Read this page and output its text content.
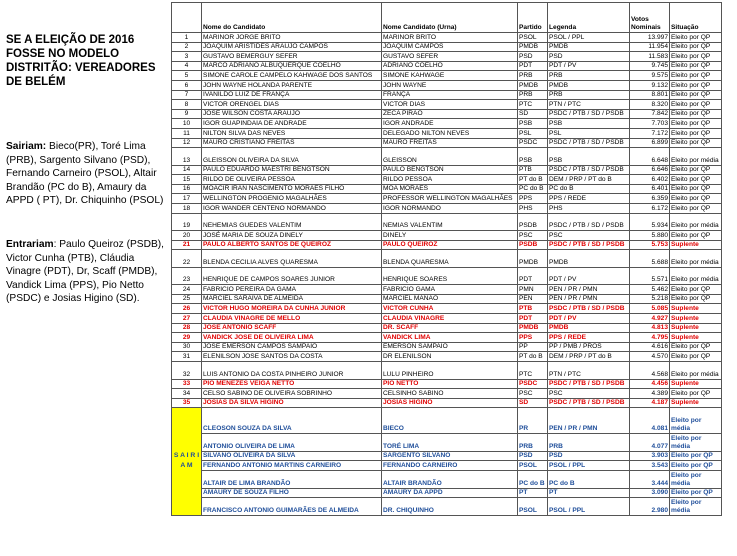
SE A ELEIÇÃO DE 2016 FOSSE NO MODELO DISTRITÃO: VEREADORES DE BELÉM
Sairiam: Bieco(PR), Toré Lima (PRB), Sargento Silvano (PSD), Fernando Carneiro (PSOL), Altair Brandão (PC do B), Amaury da APPD ( PT), Dr. Chiquinho (PSOL)
Entrariam: Paulo Queiroz (PSDB), Victor Cunha (PTB), Cláudia Vinagre (PDT), Dr, Scaff (PMDB), Vandick Lima (PPS), Pio Netto (PSDC) e Josias Higino (SD).
	Nome do Candidato	Nome Candidato (Urna)	Partido	Legenda	Votos Nominais	Situação
1	MARINOR JORGE BRITO	MARINOR BRITO	PSOL	PSOL / PPL	13.997	Eleito por QP
2	JOAQUIM ARISTIDES ARAUJO CAMPOS	JOAQUIM CAMPOS	PMDB	PMDB	11.954	Eleito por QP
3	GUSTAVO BEMERGUY SEFER	GUSTAVO SEFER	PSD	PSD	11.583	Eleito por QP
4	MARCO ADRIANO ALBUQUERQUE COELHO	ADRIANO COELHO	PDT	PDT / PV	9.745	Eleito por QP
5	SIMONE CAROLE CAMPELO KAHWAGE DOS SANTOS	SIMONE KAHWAGE	PRB	PRB	9.575	Eleito por QP
6	JOHN WAYNE HOLANDA PARENTE	JOHN WAYNE	PMDB	PMDB	9.132	Eleito por QP
7	IVANILDO LUIZ DE FRANÇA	FRANÇA	PRB	PRB	8.801	Eleito por QP
8	VICTOR ORENGEL DIAS	VICTOR DIAS	PTC	PTN / PTC	8.320	Eleito por QP
9	JOSE WILSON COSTA ARAUJO	ZECA PIRÃO	SD	PSDC / PTB / SD / PSDB	7.842	Eleito por QP
10	IGOR GUAPINDAIA DE ANDRADE	IGOR ANDRADE	PSB	PSB	7.703	Eleito por QP
11	NILTON SILVA DAS NEVES	DELEGADO NILTON NEVES	PSL	PSL	7.172	Eleito por QP
12	MAURO CRISTIANO FREITAS	MAURO FREITAS	PSDC	PSDC / PTB / SD / PSDB	6.899	Eleito por QP
13	GLEISSON OLIVEIRA DA SILVA	GLEISSON	PSB	PSB	6.648	Eleito por média
14	PAULO EDUARDO MAESTRI BENGTSON	PAULO BENGTSON	PTB	PSDC / PTB / SD / PSDB	6.646	Eleito por QP
15	RILDO DE OLIVEIRA PESSOA	RILDO PESSOA	PT do B	DEM / PRP / PT do B	6.402	Eleito por QP
16	MOACIR IRAN NASCIMENTO MORAES FILHO	MOA MORAES	PC do B	PC do B	6.401	Eleito por QP
17	WELLINGTON PROGENIO MAGALHÃES	PROFESSOR WELLINGTON MAGALHÃES	PPS	PPS / REDE	6.359	Eleito por QP
18	IGOR WANDER CENTENO NORMANDO	IGOR NORMANDO	PHS	PHS	6.172	Eleito por QP
19	NEHEMIAS GUEDES VALENTIM	NEMIAS VALENTIM	PSDB	PSDC / PTB / SD / PSDB	5.934	Eleito por média
20	JOSÉ MARIA DE SOUZA DINELY	DINELY	PSC	PSC	5.880	Eleito por QP
21	PAULO ALBERTO SANTOS DE QUEIROZ	PAULO QUEIROZ	PSDB	PSDC / PTB / SD / PSDB	5.753	Suplente
22	BLENDA CECILIA ALVES QUARESMA	BLENDA QUARESMA	PMDB	PMDB	5.688	Eleito por média
23	HENRIQUE DE CAMPOS SOARES JUNIOR	HENRIQUE SOARES	PDT	PDT / PV	5.571	Eleito por média
24	FABRICIO PEREIRA DA GAMA	FABRICIO GAMA	PMN	PEN / PR / PMN	5.462	Eleito por QP
25	MARCIEL SARAIVA DE ALMEIDA	MARCIEL MANÃO	PEN	PEN / PR / PMN	5.218	Eleito por QP
26	VICTOR HUGO MOREIRA DA CUNHA JUNIOR	VICTOR CUNHA	PTB	PSDC / PTB / SD / PSDB	5.085	Suplente
27	CLAUDIA VINAGRE DE MELLO	CLAUDIA VINAGRE	PDT	PDT / PV	4.927	Suplente
28	JOSE ANTONIO SCAFF	DR. SCAFF	PMDB	PMDB	4.813	Suplente
29	VANDICK JOSE DE OLIVEIRA LIMA	VANDICK LIMA	PPS	PPS / REDE	4.795	Suplente
30	JOSE EMERSON CAMPOS SAMPAIO	EMERSON SAMPAIO	PP	PP / PMB / PROS	4.616	Eleito por QP
31	ELENILSON JOSE SANTOS DA COSTA	DR ELENILSON	PT do B	DEM / PRP / PT do B	4.570	Eleito por QP
32	LUIS ANTONIO DA COSTA PINHEIRO JUNIOR	LULU PINHEIRO	PTC	PTN / PTC	4.568	Eleito por média
33	PIO MENEZES VEIGA NETTO	PIO NETTO	PSDC	PSDC / PTB / SD / PSDB	4.456	Suplente
34	CELSO SABINO DE OLIVEIRA SOBRINHO	CELSINHO SABINO	PSC	PSC	4.389	Eleito por QP
35	JOSIAS DA SILVA HIGINO	JOSIAS HIGINO	SD	PSDC / PTB / SD / PSDB	4.187	Suplente
S A I R I A M	CLEOSON SOUZA DA SILVA	BIECO	PR	PEN / PR / PMN	4.081	Eleito por média
	ANTONIO OLIVEIRA DE LIMA	TORÉ LIMA	PRB	PRB	4.077	Eleito por média
	SILVANO OLIVEIRA DA SILVA	SARGENTO SILVANO	PSD	PSD	3.903	Eleito por QP
	FERNANDO ANTONIO MARTINS CARNEIRO	FERNANDO CARNEIRO	PSOL	PSOL / PPL	3.543	Eleito por QP
	ALTAIR DE LIMA BRANDÃO	ALTAIR BRANDÃO	PC do B	PC do B	3.444	Eleito por média
	AMAURY DE SOUZA FILHO	AMAURY DA APPD	PT	PT	3.090	Eleito por QP
	FRANCISCO ANTONIO GUIMARÃES DE ALMEIDA	DR. CHIQUINHO	PSOL	PSOL / PPL	2.980	Eleito por média
